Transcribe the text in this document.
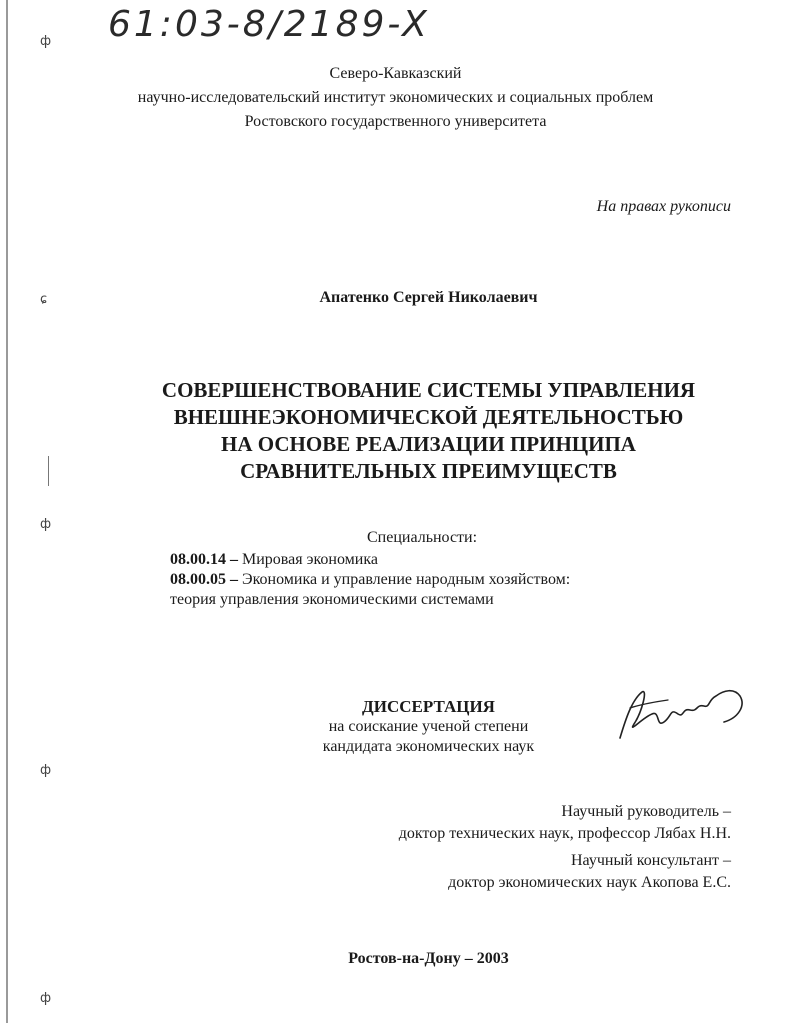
ф
ɕ
ф
ф
ф
61:03-8/2189-X
Северо-Кавказский
научно-исследовательский институт экономических и социальных проблем
Ростовского государственного университета
На правах рукописи
Апатенко Сергей Николаевич
СОВЕРШЕНСТВОВАНИЕ СИСТЕМЫ УПРАВЛЕНИЯ
ВНЕШНЕЭКОНОМИЧЕСКОЙ ДЕЯТЕЛЬНОСТЬЮ
НА ОСНОВЕ РЕАЛИЗАЦИИ ПРИНЦИПА
СРАВНИТЕЛЬНЫХ ПРЕИМУЩЕСТВ
Специальности:
08.00.14 – Мировая экономика
08.00.05 – Экономика и управление народным хозяйством:
теория управления экономическими системами
ДИССЕРТАЦИЯ
на соискание ученой степени
кандидата экономических наук
Научный руководитель –
доктор технических наук, профессор Лябах Н.Н.
Научный консультант –
доктор экономических наук Акопова Е.С.
Ростов-на-Дону – 2003
